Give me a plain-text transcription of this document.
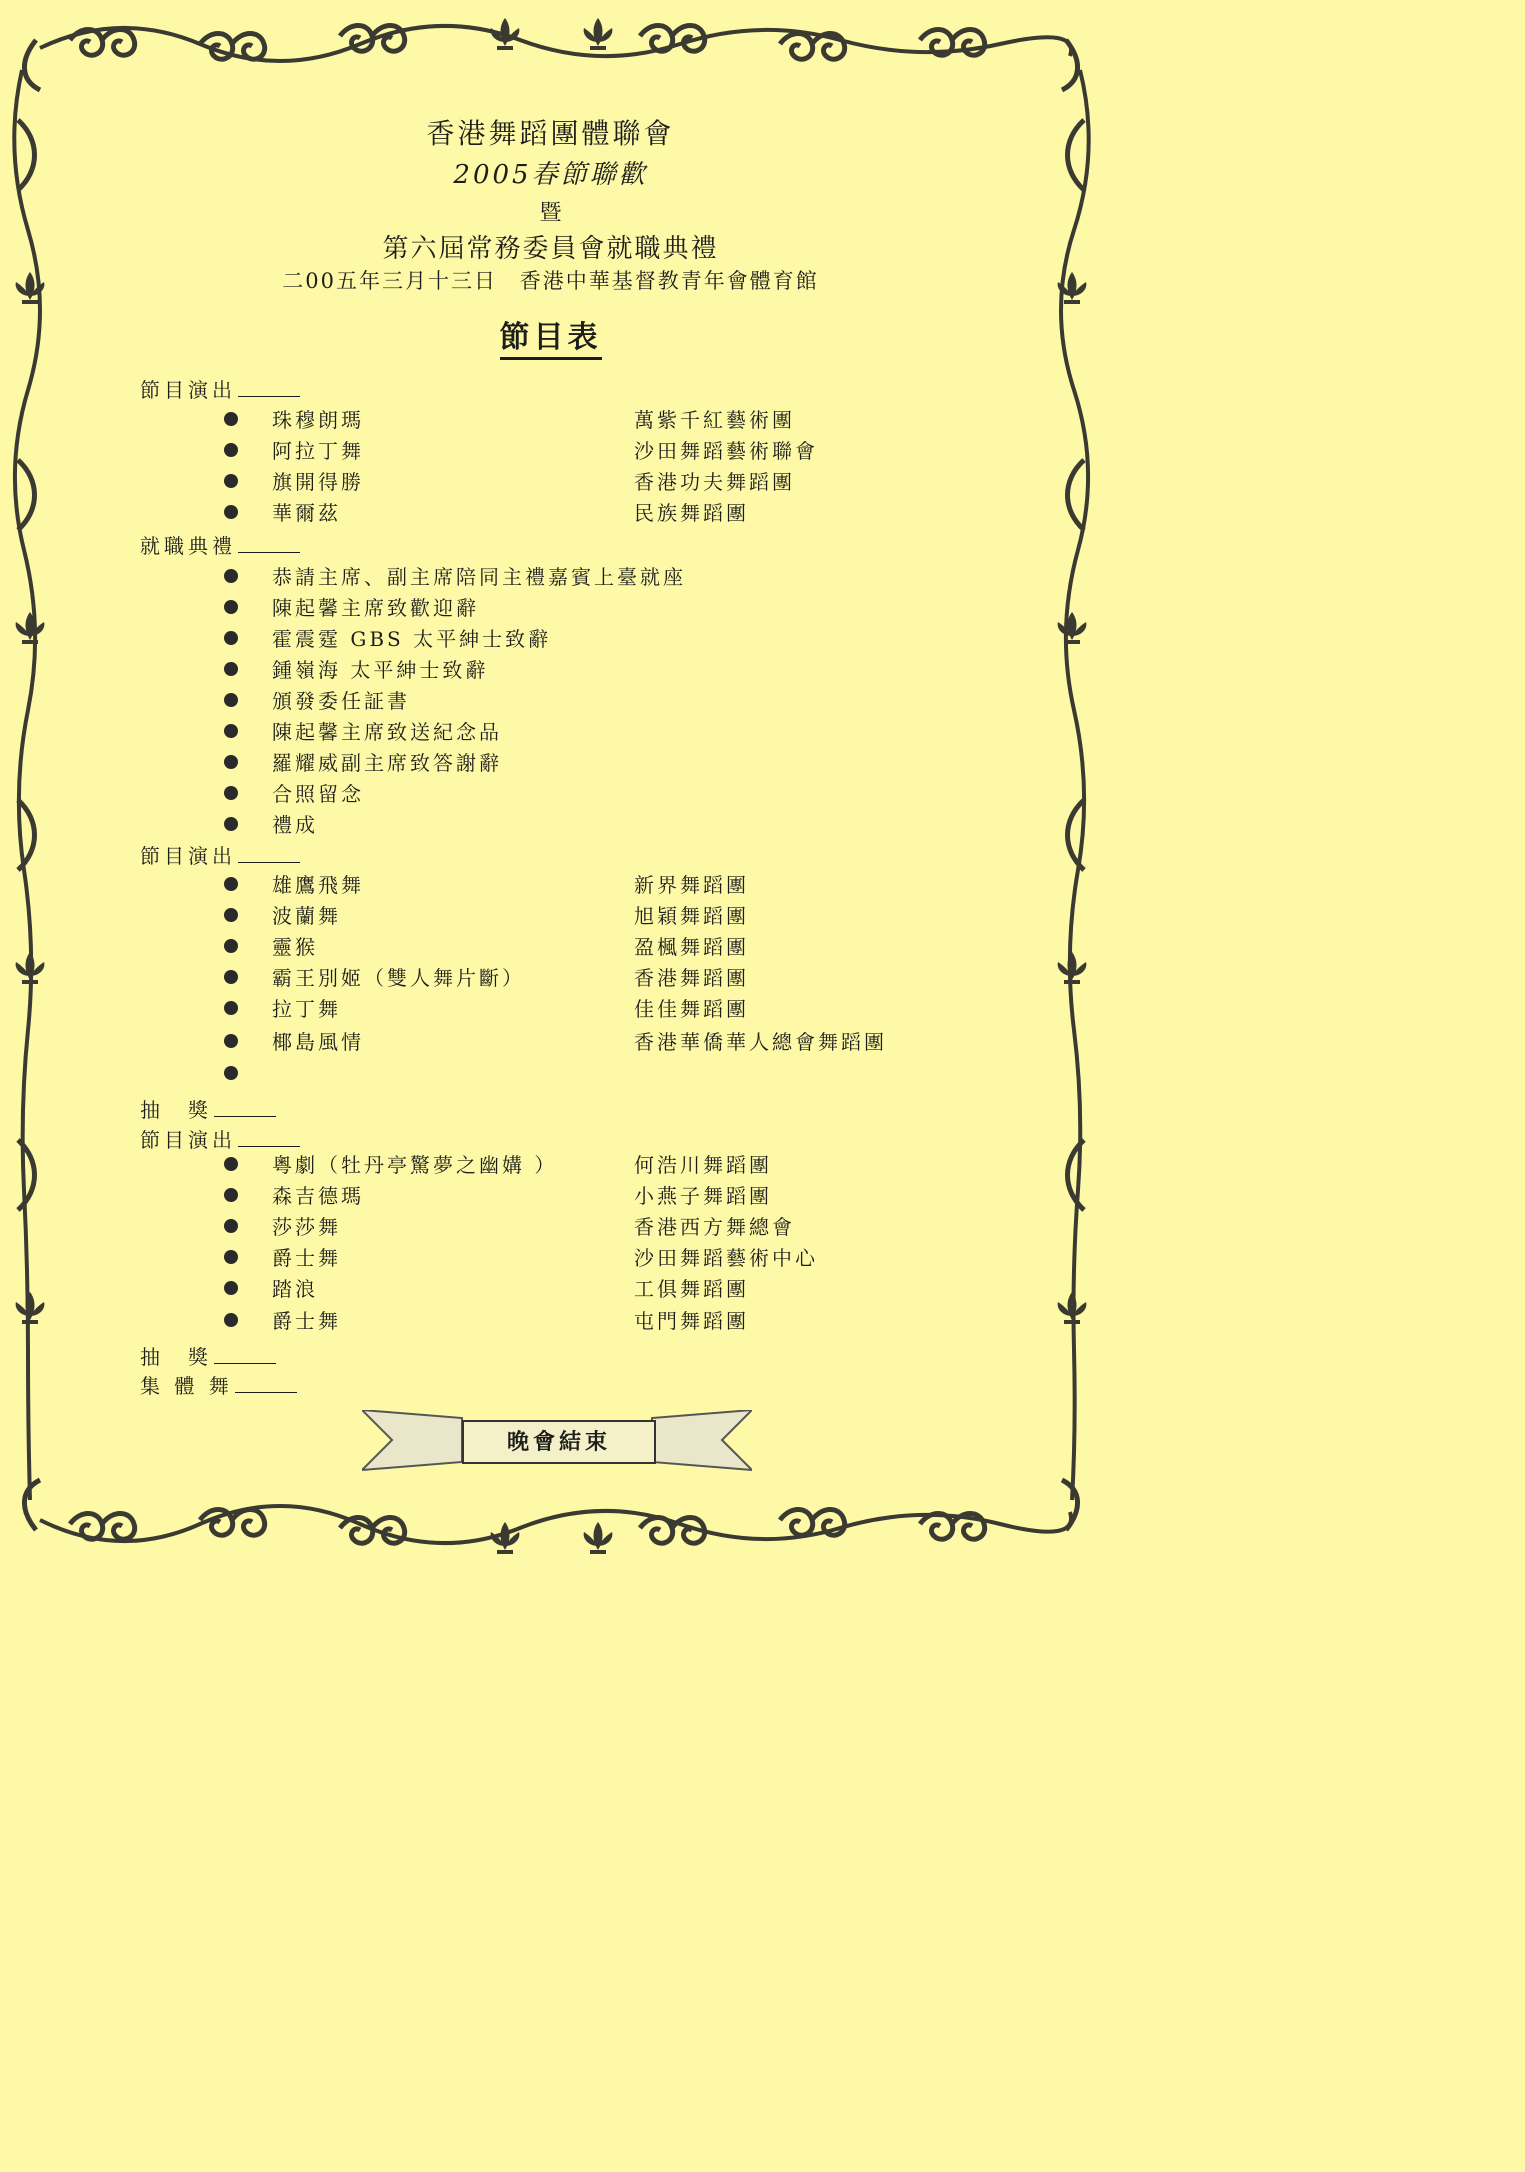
香港舞蹈團體聯會
2005春節聯歡
暨
第六屆常務委員會就職典禮
二00五年三月十三日 香港中華基督教青年會體育館
節目表
節目演出
珠穆朗瑪	萬紫千紅藝術團
阿拉丁舞	沙田舞蹈藝術聯會
旗開得勝	香港功夫舞蹈團
華爾茲	民族舞蹈團
就職典禮
恭請主席、副主席陪同主禮嘉賓上臺就座
陳起馨主席致歡迎辭
霍震霆 GBS 太平紳士致辭
鍾嶺海 太平紳士致辭
頒發委任証書
陳起馨主席致送紀念品
羅耀威副主席致答謝辭
合照留念
禮成
節目演出
雄鷹飛舞	新界舞蹈團
波蘭舞	旭穎舞蹈團
靈猴	盈楓舞蹈團
霸王別姬（雙人舞片斷）	香港舞蹈團
拉丁舞	佳佳舞蹈團
椰島風情	香港華僑華人總會舞蹈團
抽　獎
節目演出
粵劇（牡丹亭驚夢之幽媾 ）	何浩川舞蹈團
森吉德瑪	小燕子舞蹈團
莎莎舞	香港西方舞總會
爵士舞	沙田舞蹈藝術中心
踏浪	工俱舞蹈團
爵士舞	屯門舞蹈團
抽　獎
集 體 舞
晚會結束
